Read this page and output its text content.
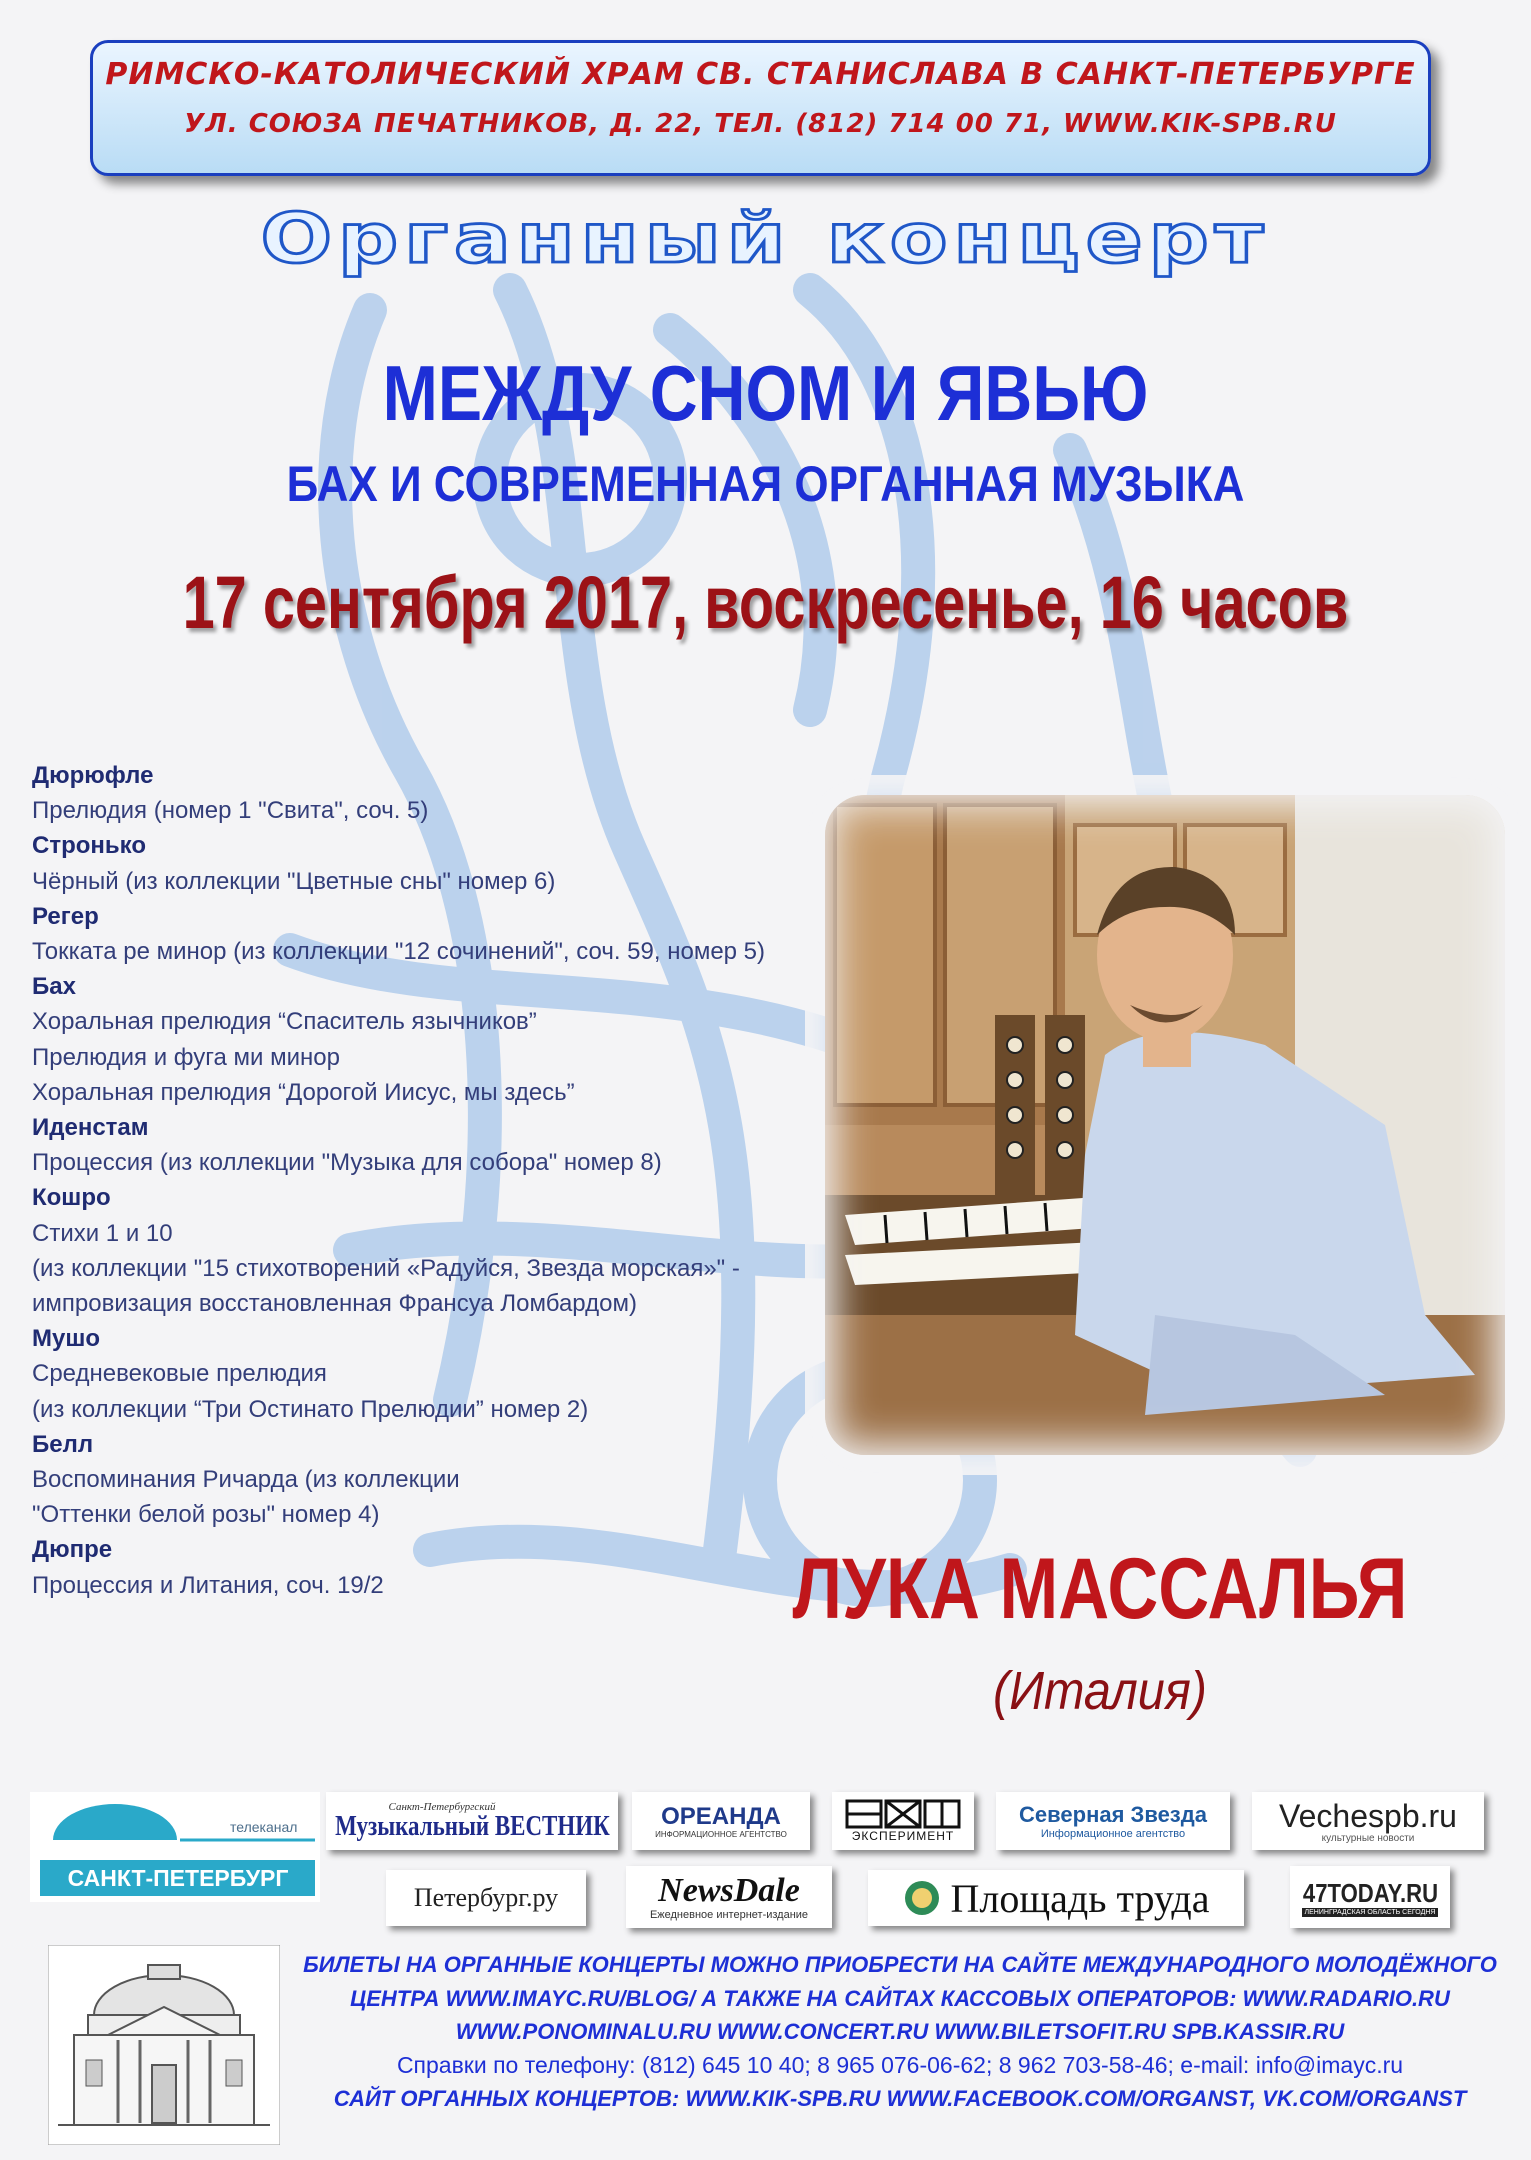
РИМСКО-КАТОЛИЧЕСКИЙ ХРАМ СВ. СТАНИСЛАВА В САНКТ-ПЕТЕРБУРГЕ
УЛ. СОЮЗА ПЕЧАТНИКОВ, Д. 22, ТЕЛ. (812) 714 00 71, WWW.KIK-SPB.RU
Органный концерт
МЕЖДУ СНОМ И ЯВЬЮ
БАХ И СОВРЕМЕННАЯ ОРГАННАЯ МУЗЫКА
17 сентября 2017, воскресенье, 16 часов
Дюрюфле
Прелюдия (номер 1 "Свита", соч. 5)
Стронько
Чёрный (из коллекции "Цветные сны" номер 6)
Регер
Токката ре минор (из коллекции "12 сочинений", соч. 59, номер 5)
Бах
Хоральная прелюдия “Спаситель язычников”
Прелюдия и фуга ми минор
Хоральная прелюдия “Дорогой Иисус, мы здесь”
Иденстам
Процессия (из коллекции "Музыка для собора" номер 8)
Кошро
Стихи 1 и 10
(из коллекции "15 стихотворений «Радуйся, Звезда морская»" -
импровизация восстановленная Франсуа Ломбардом)
Мушо
Средневековые прелюдия
(из коллекции “Три Остинато Прелюдии” номер 2)
Белл
Воспоминания Ричарда (из коллекции
"Оттенки белой розы" номер 4)
Дюпре
Процессия и Литания, соч. 19/2	ЛУКА МАССАЛЬЯ
(Италия)
телеканал
САНКТ-ПЕТЕРБУРГ
Санкт-Петербургский
Музыкальный ВЕСТНИК ОРЕАНДА
ИНФОРМАЦИОННОЕ АГЕНТСТВО	ЭКСПЕРИМЕНТ
Северная Звезда
Информационное агентство
Vechespb.ru
культурные новости
Петербург.ру	NewsDale
Ежедневное интернет-издание	Площадь труда	47TODAY.RU
ЛЕНИНГРАДСКАЯ ОБЛАСТЬ СЕГОДНЯ
БИЛЕТЫ НА ОРГАННЫЕ КОНЦЕРТЫ МОЖНО ПРИОБРЕСТИ НА САЙТЕ МЕЖДУНАРОДНОГО МОЛОДЁЖНОГО
ЦЕНТРА WWW.IMAYC.RU/BLOG/ А ТАКЖЕ НА САЙТАХ КАССОВЫХ ОПЕРАТОРОВ: WWW.RADARIO.RU
WWW.PONOMINALU.RU WWW.CONCERT.RU WWW.BILETSOFIT.RU SPB.KASSIR.RU
Справки по телефону: (812) 645 10 40; 8 965 076-06-62; 8 962 703-58-46; e-mail: info@imayc.ru
САЙТ ОРГАННЫХ КОНЦЕРТОВ: WWW.KIK-SPB.RU WWW.FACEBOOK.COM/ORGANST, VK.COM/ORGANST
